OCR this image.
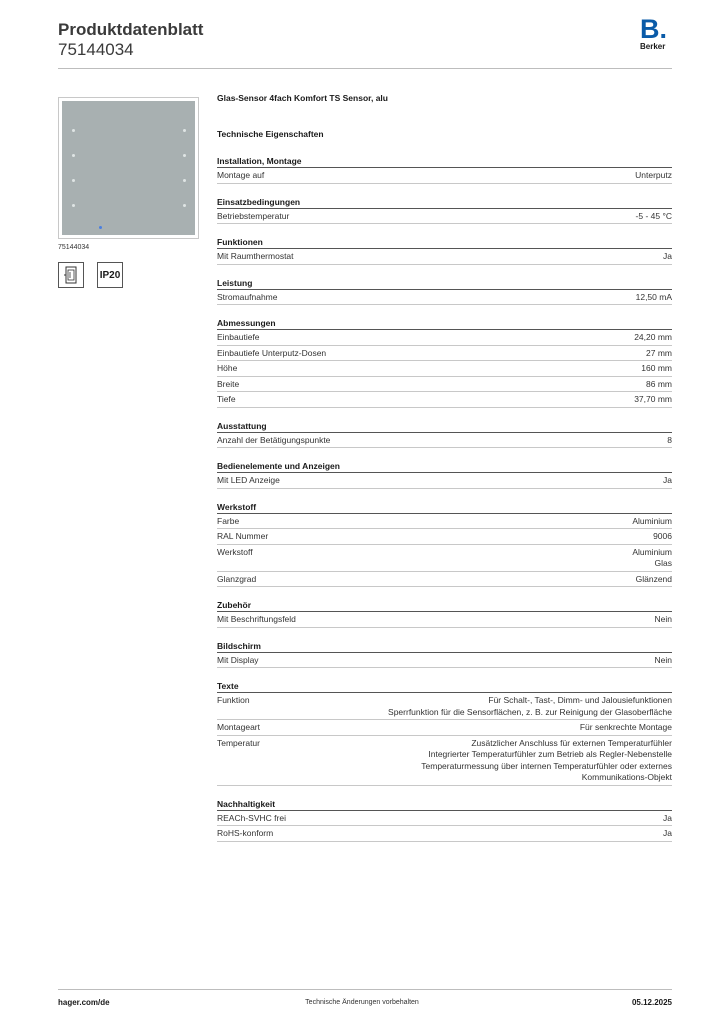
Produktdatenblatt
75144034
B.
Berker
75144034
IP20
Glas-Sensor 4fach Komfort TS Sensor, alu
Technische Eigenschaften
Installation, Montage
Montage auf	Unterputz
Einsatzbedingungen
Betriebstemperatur	-5 - 45 °C
Funktionen
Mit Raumthermostat	Ja
Leistung
Stromaufnahme	12,50 mA
Abmessungen
Einbautiefe	24,20 mm
Einbautiefe Unterputz-Dosen	27 mm
Höhe	160 mm
Breite	86 mm
Tiefe	37,70 mm
Ausstattung
Anzahl der Betätigungspunkte	8
Bedienelemente und Anzeigen
Mit LED Anzeige	Ja
Werkstoff
Farbe	Aluminium
RAL Nummer	9006
Werkstoff	Aluminium
Glas
Glanzgrad	Glänzend
Zubehör
Mit Beschriftungsfeld	Nein
Bildschirm
Mit Display	Nein
Texte
Funktion	Für Schalt-, Tast-, Dimm- und Jalousiefunktionen
Sperrfunktion für die Sensorflächen, z. B. zur Reinigung der Glasoberfläche
Montageart	Für senkrechte Montage
Temperatur	Zusätzlicher Anschluss für externen Temperaturfühler
Integrierter Temperaturfühler zum Betrieb als Regler-Nebenstelle
Temperaturmessung über internen Temperaturfühler oder externes
Kommunikations-Objekt
Nachhaltigkeit
REACh-SVHC frei	Ja
RoHS-konform	Ja
hager.com/de	Technische Änderungen vorbehalten	05.12.2025
